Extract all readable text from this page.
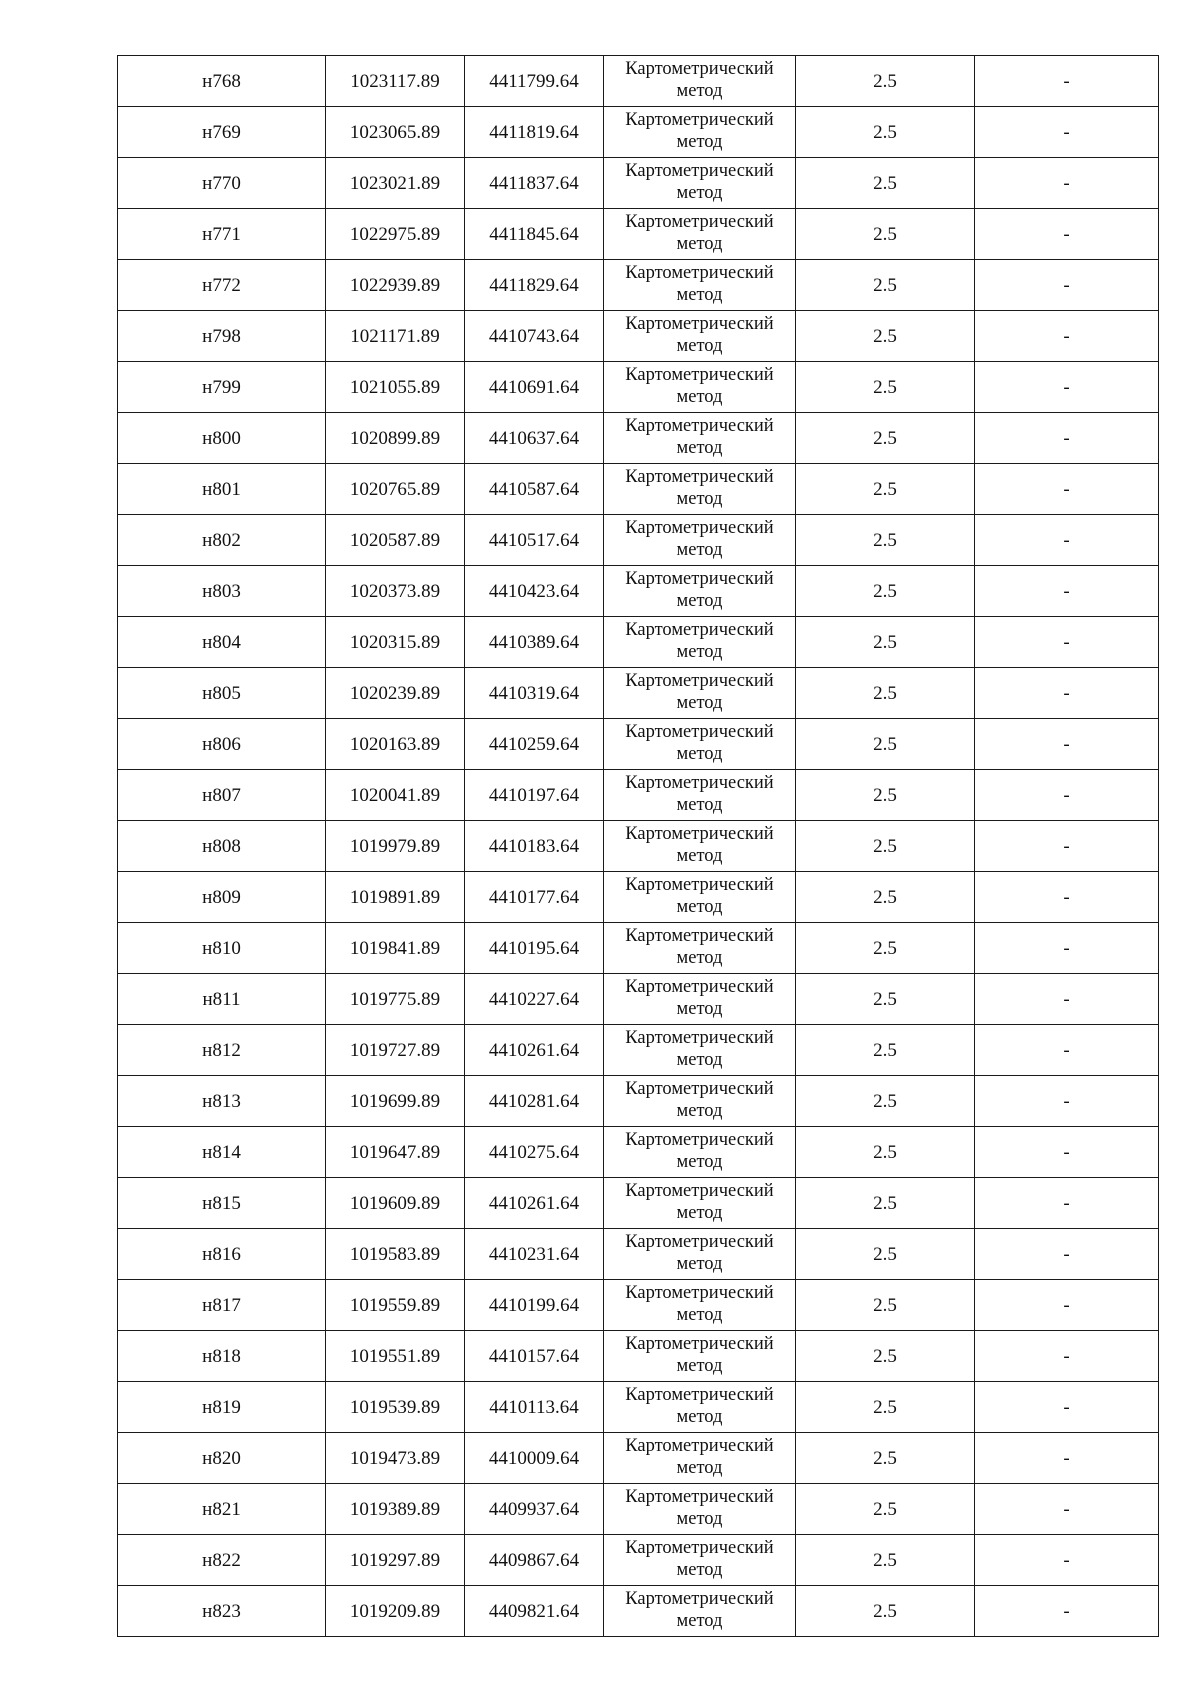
н768	1023117.89	4411799.64	Картометрический
метод	2.5	-
н769	1023065.89	4411819.64	Картометрический
метод	2.5	-
н770	1023021.89	4411837.64	Картометрический
метод	2.5	-
н771	1022975.89	4411845.64	Картометрический
метод	2.5	-
н772	1022939.89	4411829.64	Картометрический
метод	2.5	-
н798	1021171.89	4410743.64	Картометрический
метод	2.5	-
н799	1021055.89	4410691.64	Картометрический
метод	2.5	-
н800	1020899.89	4410637.64	Картометрический
метод	2.5	-
н801	1020765.89	4410587.64	Картометрический
метод	2.5	-
н802	1020587.89	4410517.64	Картометрический
метод	2.5	-
н803	1020373.89	4410423.64	Картометрический
метод	2.5	-
н804	1020315.89	4410389.64	Картометрический
метод	2.5	-
н805	1020239.89	4410319.64	Картометрический
метод	2.5	-
н806	1020163.89	4410259.64	Картометрический
метод	2.5	-
н807	1020041.89	4410197.64	Картометрический
метод	2.5	-
н808	1019979.89	4410183.64	Картометрический
метод	2.5	-
н809	1019891.89	4410177.64	Картометрический
метод	2.5	-
н810	1019841.89	4410195.64	Картометрический
метод	2.5	-
н811	1019775.89	4410227.64	Картометрический
метод	2.5	-
н812	1019727.89	4410261.64	Картометрический
метод	2.5	-
н813	1019699.89	4410281.64	Картометрический
метод	2.5	-
н814	1019647.89	4410275.64	Картометрический
метод	2.5	-
н815	1019609.89	4410261.64	Картометрический
метод	2.5	-
н816	1019583.89	4410231.64	Картометрический
метод	2.5	-
н817	1019559.89	4410199.64	Картометрический
метод	2.5	-
н818	1019551.89	4410157.64	Картометрический
метод	2.5	-
н819	1019539.89	4410113.64	Картометрический
метод	2.5	-
н820	1019473.89	4410009.64	Картометрический
метод	2.5	-
н821	1019389.89	4409937.64	Картометрический
метод	2.5	-
н822	1019297.89	4409867.64	Картометрический
метод	2.5	-
н823	1019209.89	4409821.64	Картометрический
метод	2.5	-
